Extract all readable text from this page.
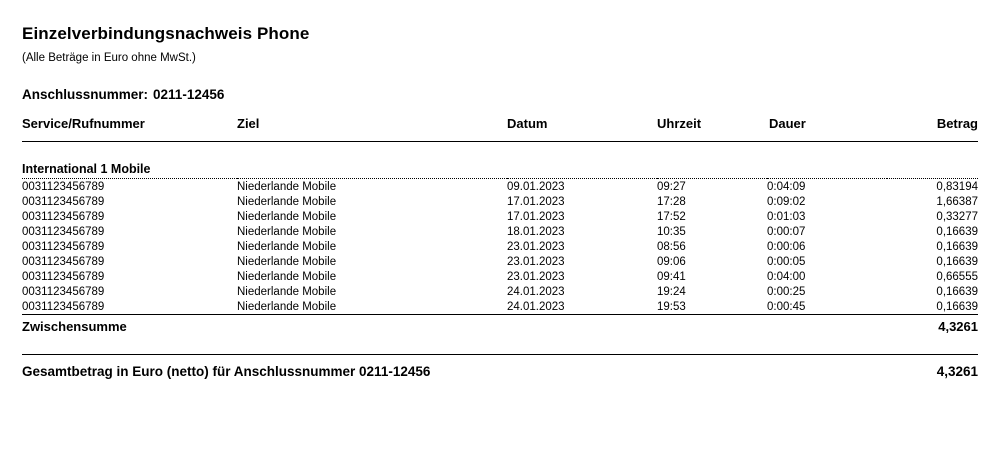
Einzelverbindungsnachweis Phone
(Alle Beträge in Euro ohne MwSt.)
Anschlussnummer: 0211-12456
Service/Rufnummer	Ziel	Datum	Uhrzeit	Dauer	Betrag
International 1 Mobile					
0031123456789	Niederlande Mobile	09.01.2023	09:27	0:04:09	0,83194
0031123456789	Niederlande Mobile	17.01.2023	17:28	0:09:02	1,66387
0031123456789	Niederlande Mobile	17.01.2023	17:52	0:01:03	0,33277
0031123456789	Niederlande Mobile	18.01.2023	10:35	0:00:07	0,16639
0031123456789	Niederlande Mobile	23.01.2023	08:56	0:00:06	0,16639
0031123456789	Niederlande Mobile	23.01.2023	09:06	0:00:05	0,16639
0031123456789	Niederlande Mobile	23.01.2023	09:41	0:04:00	0,66555
0031123456789	Niederlande Mobile	24.01.2023	19:24	0:00:25	0,16639
0031123456789	Niederlande Mobile	24.01.2023	19:53	0:00:45	0,16639
Zwischensumme					4,3261
Gesamtbetrag in Euro (netto) für Anschlussnummer 0211-12456	4,3261
